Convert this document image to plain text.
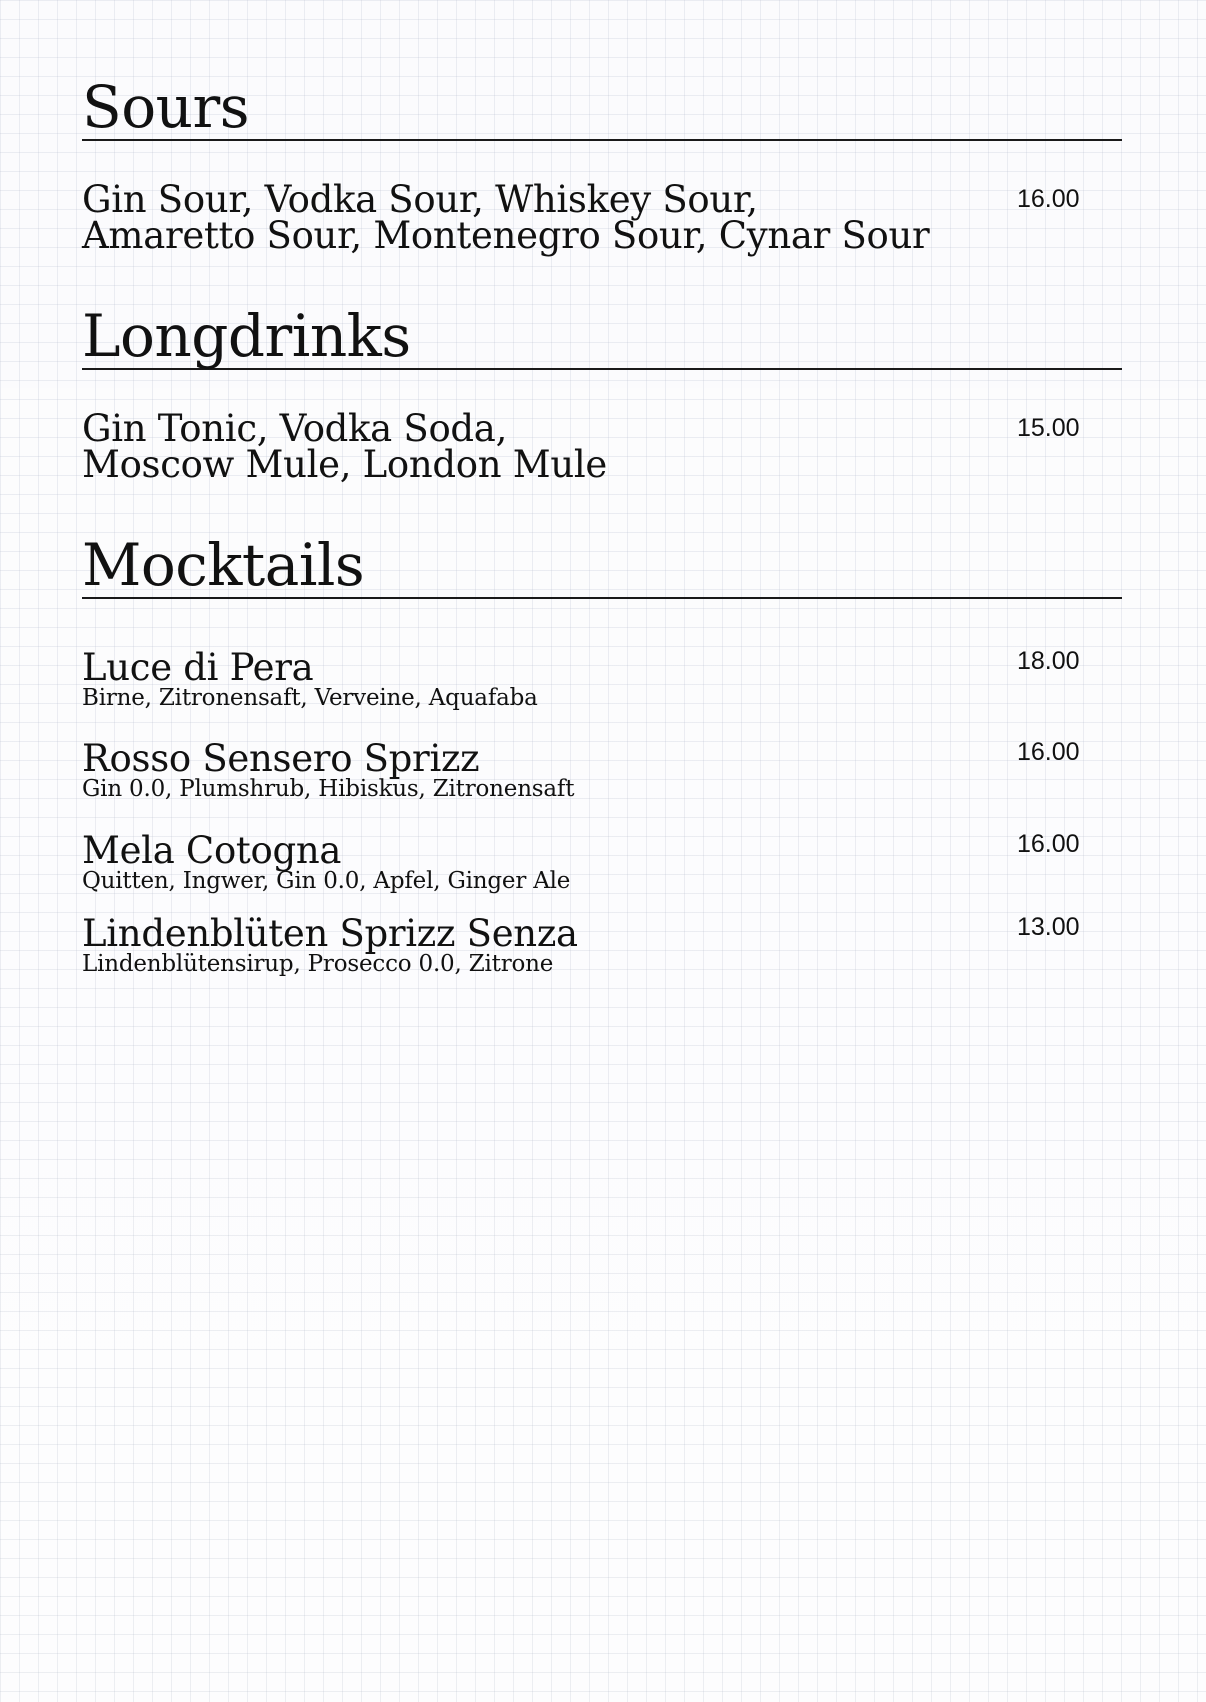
Sours
Gin Sour, Vodka Sour, Whiskey Sour,
Amaretto Sour, Montenegro Sour, Cynar Sour
16.00
Longdrinks
Gin Tonic, Vodka Soda,
Moscow Mule, London Mule
15.00
Mocktails
Luce di Pera
Birne, Zitronensaft, Verveine, Aquafaba
18.00
Rosso Sensero Sprizz
Gin 0.0, Plumshrub, Hibiskus, Zitronensaft
16.00
Mela Cotogna
Quitten, Ingwer, Gin 0.0, Apfel, Ginger Ale
16.00
Lindenblüten Sprizz Senza
Lindenblütensirup, Prosecco 0.0, Zitrone
13.00
